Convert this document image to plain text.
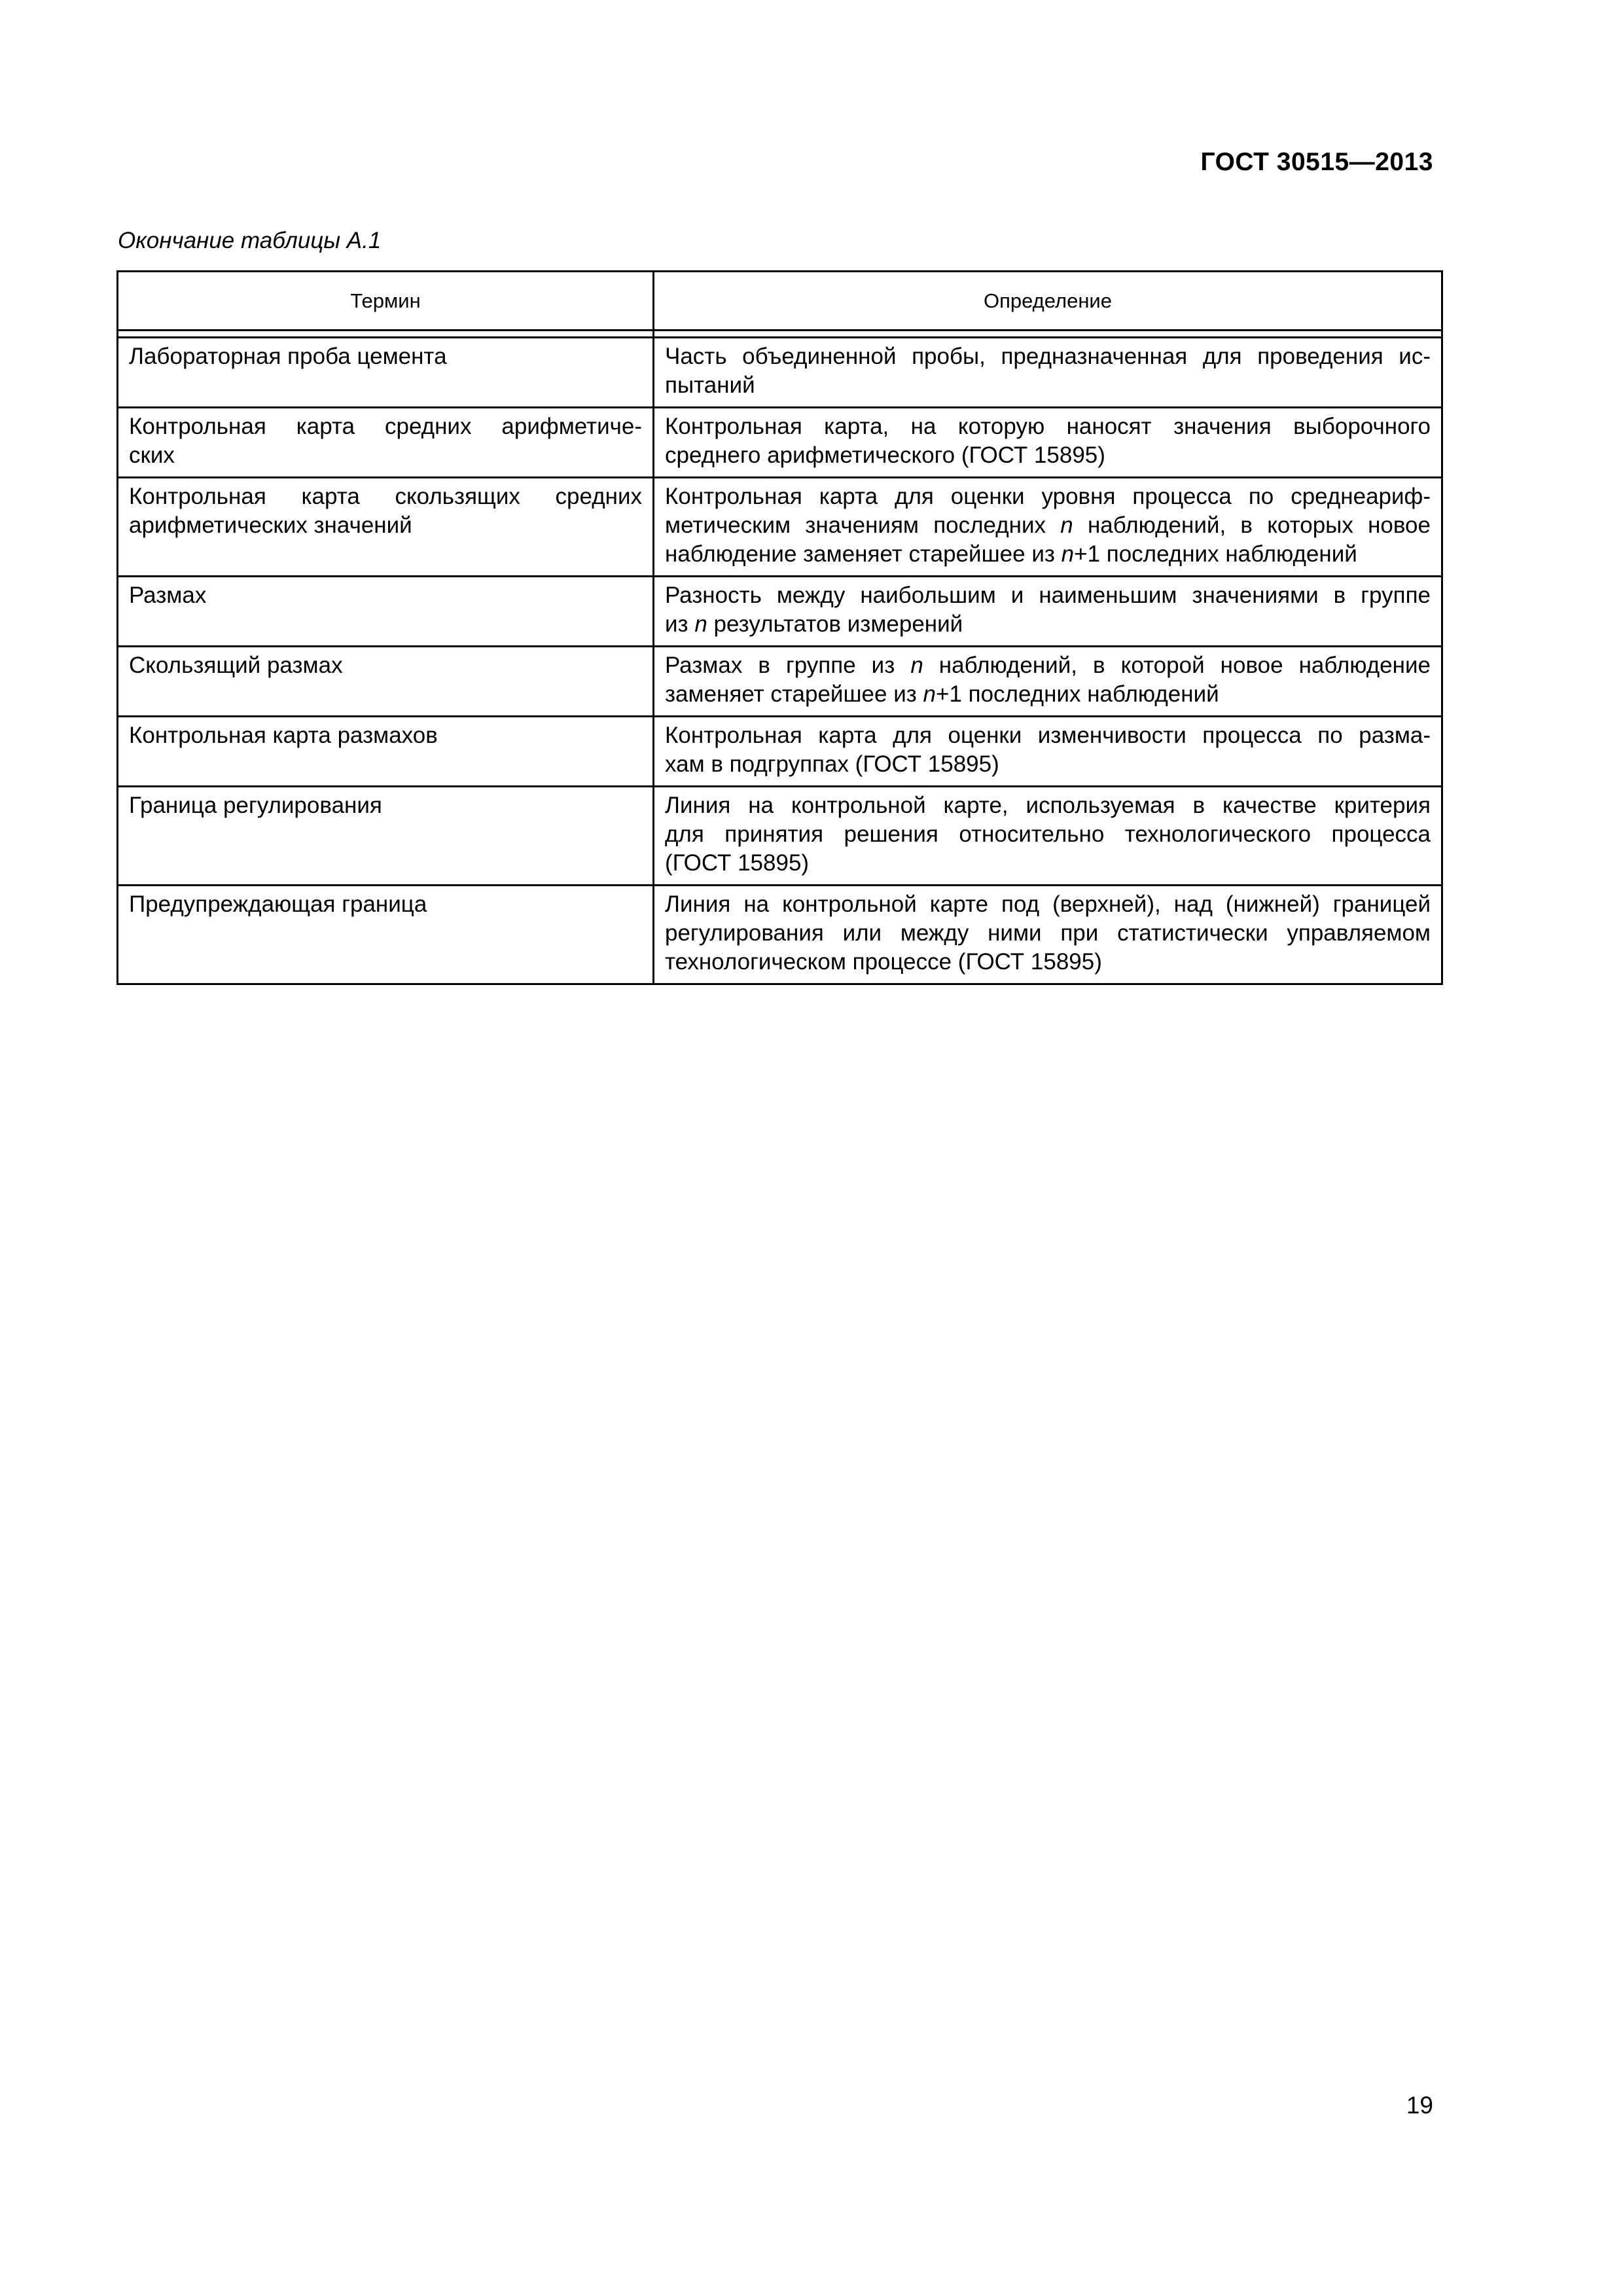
ГОСТ 30515—2013
Окончание таблицы А.1
Термин	Определение

Лабораторная проба цемента	Часть объединенной пробы, предназначенная для проведения ис-
пытаний

Контрольная карта средних арифметиче-
ских	Контрольная карта, на которую наносят значения выборочного
среднего арифметического (ГОСТ 15895)

Контрольная карта скользящих средних
арифметических значений	Контрольная карта для оценки уровня процесса по среднеариф-
метическим значениям последних n наблюдений, в которых новое
наблюдение заменяет старейшее из n+1 последних наблюдений

Размах	Разность между наибольшим и наименьшим значениями в группе
из n результатов измерений

Скользящий размах	Размах в группе из n наблюдений, в которой новое наблюдение
заменяет старейшее из n+1 последних наблюдений

Контрольная карта размахов	Контрольная карта для оценки изменчивости процесса по разма-
хам в подгруппах (ГОСТ 15895)

Граница регулирования	Линия на контрольной карте, используемая в качестве критерия
для принятия решения относительно технологического процесса
(ГОСТ 15895)

Предупреждающая граница	Линия на контрольной карте под (верхней), над (нижней) границей
регулирования или между ними при статистически управляемом
технологическом процессе (ГОСТ 15895)
19
